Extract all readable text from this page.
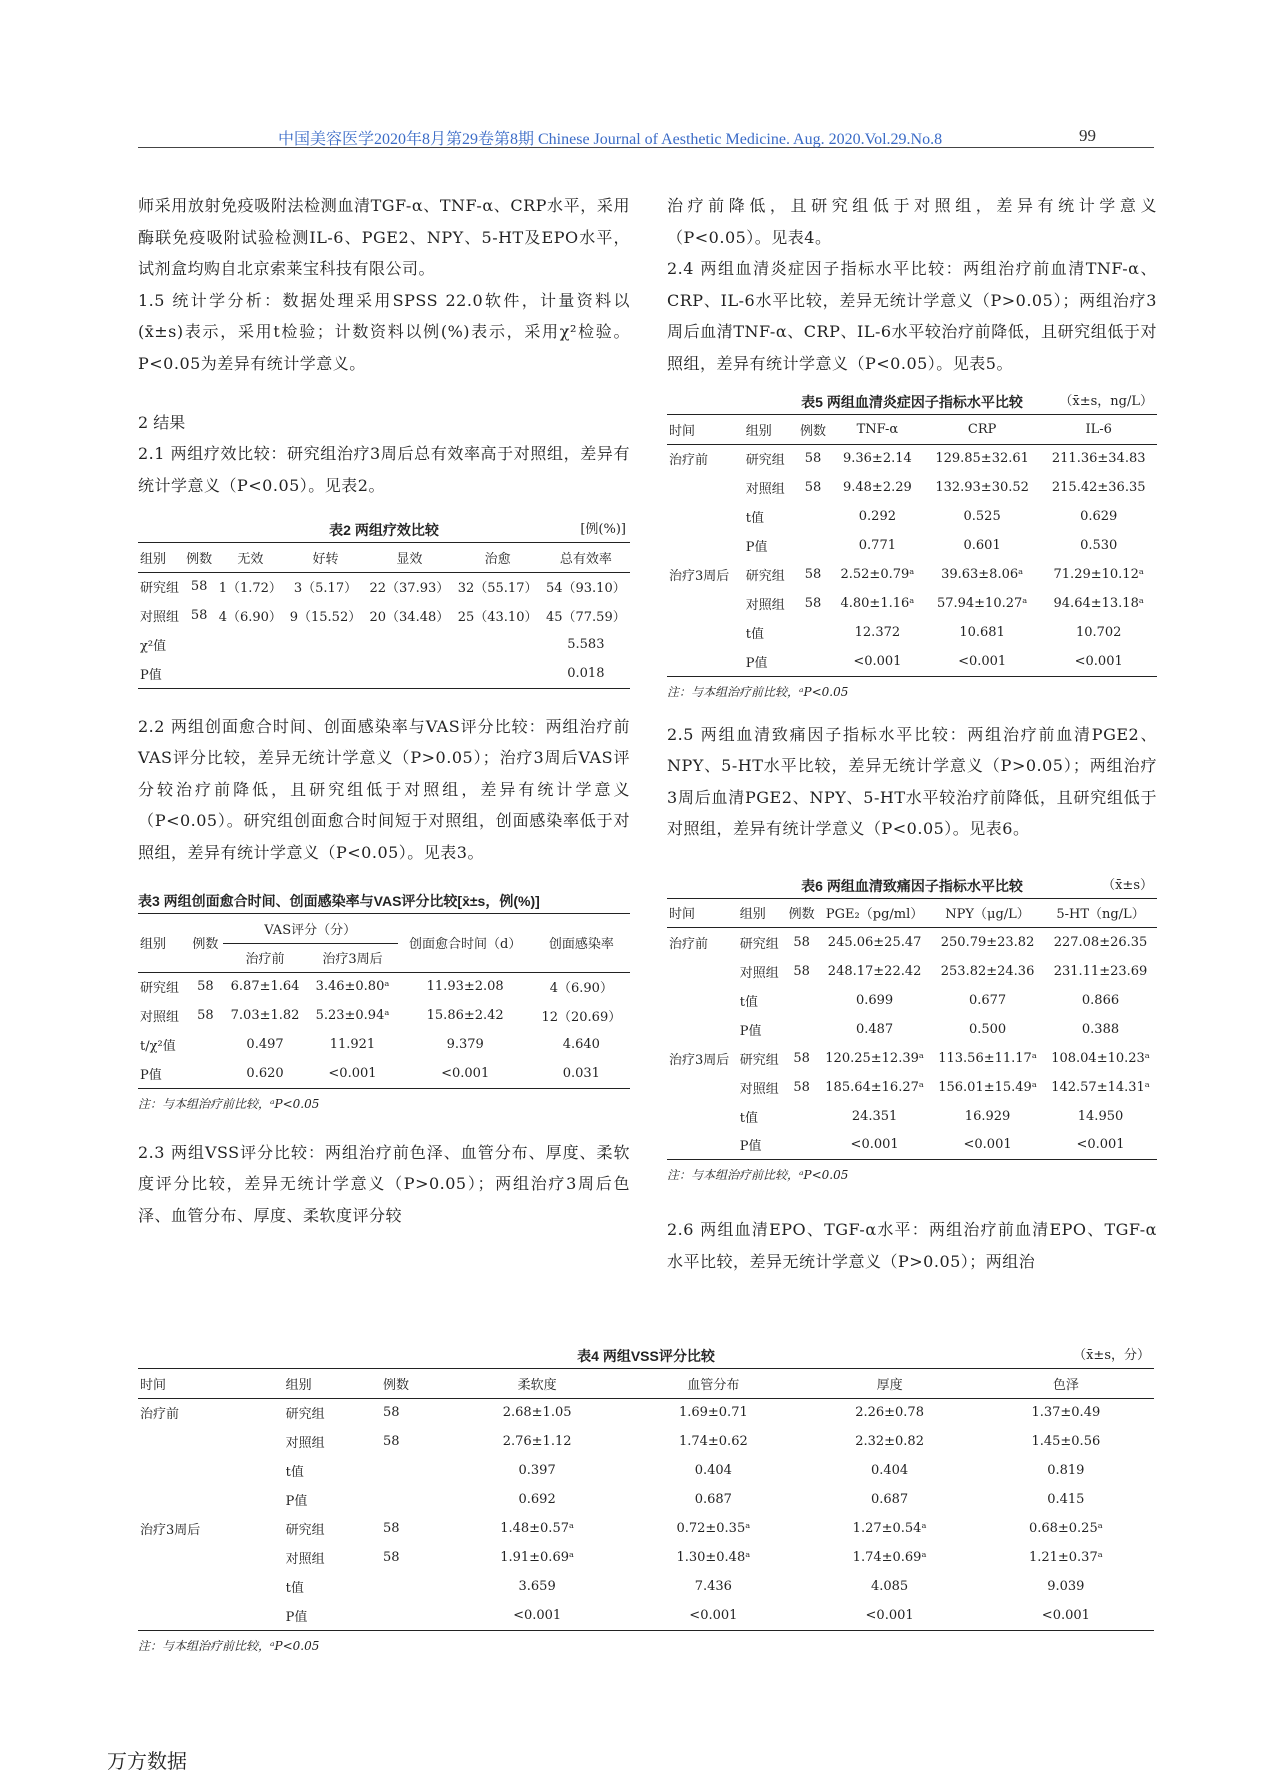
中国美容医学2020年8月第29卷第8期 Chinese Journal of Aesthetic Medicine. Aug. 2020.Vol.29.No.8	99

师采用放射免疫吸附法检测血清TGF-α、TNF-α、CRP水平，采用酶联免疫吸附试验检测IL-6、PGE2、NPY、5-HT及EPO水平，试剂盒均购自北京索莱宝科技有限公司。

1.5 统计学分析：数据处理采用SPSS 22.0软件，计量资料以(x̄±s)表示，采用t检验；计数资料以例(%)表示，采用χ²检验。P<0.05为差异有统计学意义。

2 结果

2.1 两组疗效比较：研究组治疗3周后总有效率高于对照组，差异有统计学意义（P<0.05）。见表2。

表2 两组疗效比较	[例(%)]
组别	例数	无效	好转	显效	治愈	总有效率
研究组	58	1（1.72）	3（5.17）	22（37.93）	32（55.17）	54（93.10）
对照组	58	4（6.90）	9（15.52）	20（34.48）	25（43.10）	45（77.59）
χ²值						5.583
P值						0.018

2.2 两组创面愈合时间、创面感染率与VAS评分比较：两组治疗前VAS评分比较，差异无统计学意义（P>0.05）；治疗3周后VAS评分较治疗前降低，且研究组低于对照组，差异有统计学意义（P<0.05）。研究组创面愈合时间短于对照组，创面感染率低于对照组，差异有统计学意义（P<0.05）。见表3。

表3 两组创面愈合时间、创面感染率与VAS评分比较[x̄±s，例(%)]
组别	例数	VAS评分（分）		创面愈合时间（d）	创面感染率
		治疗前	治疗3周后		
研究组	58	6.87±1.64	3.46±0.80ᵃ	11.93±2.08	4（6.90）
对照组	58	7.03±1.82	5.23±0.94ᵃ	15.86±2.42	12（20.69）
t/χ²值		0.497	11.921	9.379	4.640
P值		0.620	<0.001	<0.001	0.031

注：与本组治疗前比较，ᵃP<0.05

2.3 两组VSS评分比较：两组治疗前色泽、血管分布、厚度、柔软度评分比较，差异无统计学意义（P>0.05）；两组治疗3周后色泽、血管分布、厚度、柔软度评分较

治疗前降低，且研究组低于对照组，差异有统计学意义（P<0.05）。见表4。

2.4 两组血清炎症因子指标水平比较：两组治疗前血清TNF-α、CRP、IL-6水平比较，差异无统计学意义（P>0.05）；两组治疗3周后血清TNF-α、CRP、IL-6水平较治疗前降低，且研究组低于对照组，差异有统计学意义（P<0.05）。见表5。

表5 两组血清炎症因子指标水平比较	（x̄±s，ng/L）
时间	组别	例数	TNF-α	CRP	IL-6
治疗前	研究组	58	9.36±2.14	129.85±32.61	211.36±34.83
	对照组	58	9.48±2.29	132.93±30.52	215.42±36.35
	t值		0.292	0.525	0.629
	P值		0.771	0.601	0.530
治疗3周后	研究组	58	2.52±0.79ᵃ	39.63±8.06ᵃ	71.29±10.12ᵃ
	对照组	58	4.80±1.16ᵃ	57.94±10.27ᵃ	94.64±13.18ᵃ
	t值		12.372	10.681	10.702
	P值		<0.001	<0.001	<0.001

注：与本组治疗前比较，ᵃP<0.05

2.5 两组血清致痛因子指标水平比较：两组治疗前血清PGE2、NPY、5-HT水平比较，差异无统计学意义（P>0.05）；两组治疗3周后血清PGE2、NPY、5-HT水平较治疗前降低，且研究组低于对照组，差异有统计学意义（P<0.05）。见表6。

表6 两组血清致痛因子指标水平比较	（x̄±s）
时间	组别	例数	PGE₂（pg/ml）	NPY（μg/L）	5-HT（ng/L）
治疗前	研究组	58	245.06±25.47	250.79±23.82	227.08±26.35
	对照组	58	248.17±22.42	253.82±24.36	231.11±23.69
	t值		0.699	0.677	0.866
	P值		0.487	0.500	0.388
治疗3周后	研究组	58	120.25±12.39ᵃ	113.56±11.17ᵃ	108.04±10.23ᵃ
	对照组	58	185.64±16.27ᵃ	156.01±15.49ᵃ	142.57±14.31ᵃ
	t值		24.351	16.929	14.950
	P值		<0.001	<0.001	<0.001

注：与本组治疗前比较，ᵃP<0.05

2.6 两组血清EPO、TGF-α水平：两组治疗前血清EPO、TGF-α水平比较，差异无统计学意义（P>0.05）；两组治

表4 两组VSS评分比较	（x̄±s，分）
时间	组别	例数	柔软度	血管分布	厚度	色泽
治疗前	研究组	58	2.68±1.05	1.69±0.71	2.26±0.78	1.37±0.49
	对照组	58	2.76±1.12	1.74±0.62	2.32±0.82	1.45±0.56
	t值		0.397	0.404	0.404	0.819
	P值		0.692	0.687	0.687	0.415
治疗3周后	研究组	58	1.48±0.57ᵃ	0.72±0.35ᵃ	1.27±0.54ᵃ	0.68±0.25ᵃ
	对照组	58	1.91±0.69ᵃ	1.30±0.48ᵃ	1.74±0.69ᵃ	1.21±0.37ᵃ
	t值		3.659	7.436	4.085	9.039
	P值		<0.001	<0.001	<0.001	<0.001

注：与本组治疗前比较，ᵃP<0.05

万方数据
